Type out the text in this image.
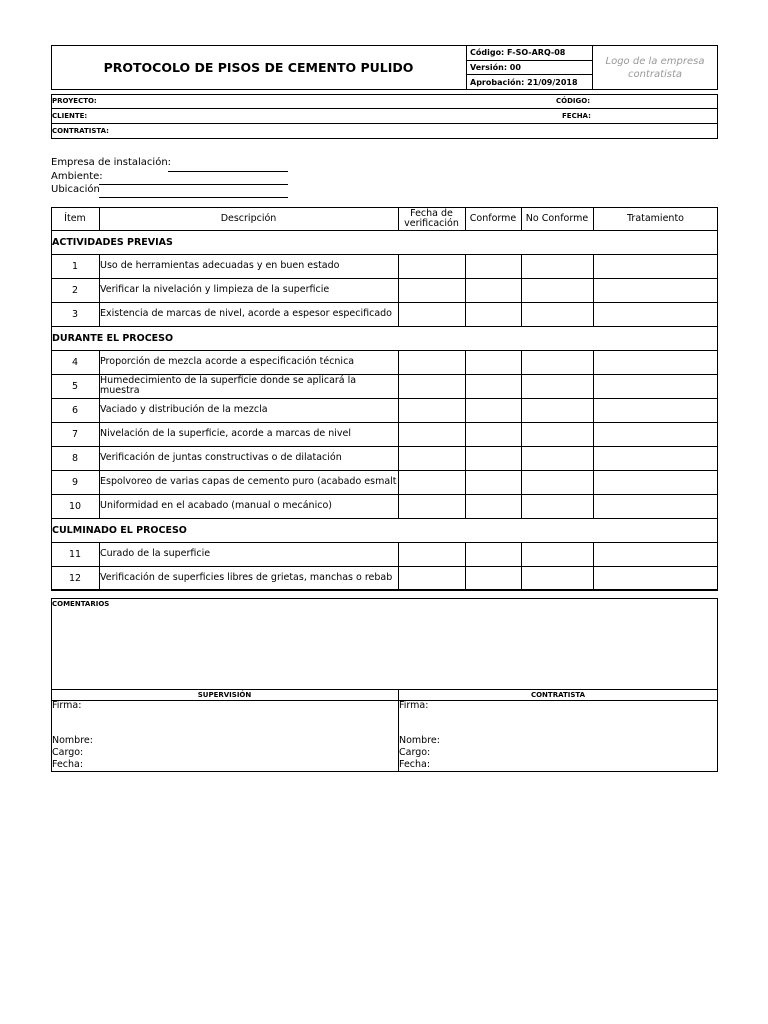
PROTOCOLO DE PISOS DE CEMENTO PULIDO
Código: F-SO-ARQ-08
Versión: 00
Aprobación: 21/09/2018
Logo de la empresa contratista
PROYECTO:	CÓDIGO:
CLIENTE:	FECHA:
CONTRATISTA:
Empresa de instalación:
Ambiente:
Ubicación
Ítem	Descripción	Fecha de verificación	Conforme	No Conforme	Tratamiento
ACTIVIDADES PREVIAS
1	Uso de herramientas adecuadas y en buen estado
2	Verificar la nivelación y limpieza de la superficie
3	Existencia de marcas de nivel, acorde a espesor especificado
DURANTE EL PROCESO
4	Proporción de mezcla acorde a especificación técnica
5	Humedecimiento de la superficie donde se aplicará la muestra
6	Vaciado y distribución de la mezcla
7	Nivelación de la superficie, acorde a marcas de nivel
8	Verificación de juntas constructivas o de dilatación
9	Espolvoreo de varias capas de cemento puro (acabado esmalt
10	Uniformidad en el acabado (manual o mecánico)
CULMINADO EL PROCESO
11	Curado de la superficie
12	Verificación de superficies libres de grietas, manchas o rebab
COMENTARIOS
SUPERVISIÓN	CONTRATISTA
Firma:
Nombre:
Cargo:
Fecha:
Firma:
Nombre:
Cargo:
Fecha:
